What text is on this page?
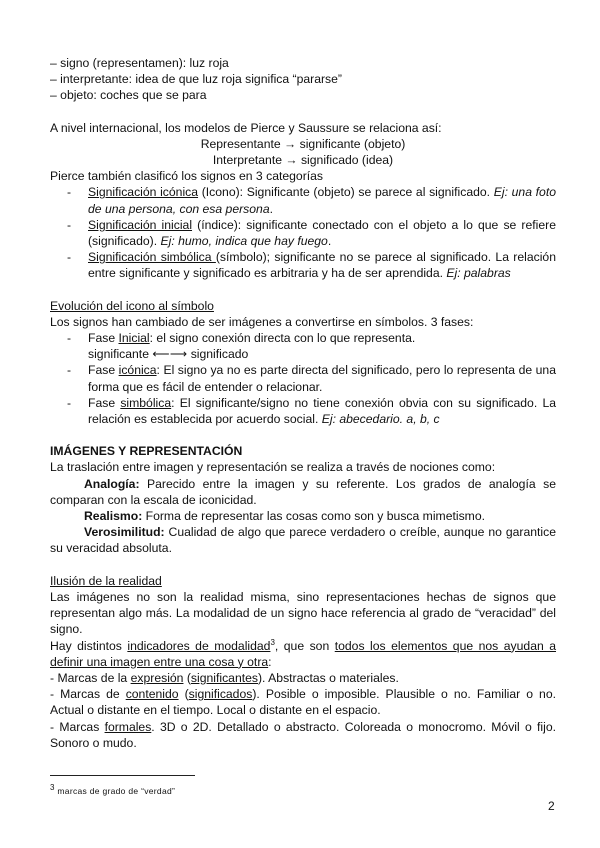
– signo (representamen): luz roja

– interpretante: idea de que luz roja significa “pararse”

– objeto: coches que se para

A nivel internacional, los modelos de Pierce y Saussure se relaciona así:

Representante → significante (objeto)

Interpretante → significado (idea)

Pierce también clasificó los signos en 3 categorías

- Significación icónica (Icono): Significante (objeto) se parece al significado. Ej: una foto de una persona, con esa persona.
- Significación inicial (índice): significante conectado con el objeto a lo que se refiere (significado). Ej: humo, indica que hay fuego.
- Significación simbólica (símbolo); significante no se parece al significado. La relación entre significante y significado es arbitraria y ha de ser aprendida. Ej: palabras

Evolución del icono al símbolo

Los signos han cambiado de ser imágenes a convertirse en símbolos. 3 fases:

- Fase Inicial: el signo conexión directa con lo que representa.
significante ⟵⟶ significado
- Fase icónica: El signo ya no es parte directa del significado, pero lo representa de una forma que es fácil de entender o relacionar.
- Fase simbólica: El significante/signo no tiene conexión obvia con su significado. La relación es establecida por acuerdo social. Ej: abecedario. a, b, c

IMÁGENES Y REPRESENTACIÓN

La traslación entre imagen y representación se realiza a través de nociones como:

Analogía: Parecido entre la imagen y su referente. Los grados de analogía se comparan con la escala de iconicidad.

Realismo: Forma de representar las cosas como son y busca mimetismo.

Verosimilitud: Cualidad de algo que parece verdadero o creíble, aunque no garantice su veracidad absoluta.

Ilusión de la realidad

Las imágenes no son la realidad misma, sino representaciones hechas de signos que representan algo más. La modalidad de un signo hace referencia al grado de “veracidad” del signo.

Hay distintos indicadores de modalidad$^3$, que son todos los elementos que nos ayudan a definir una imagen entre una cosa y otra:

- Marcas de la expresión (significantes). Abstractas o materiales.

- Marcas de contenido (significados). Posible o imposible. Plausible o no. Familiar o no. Actual o distante en el tiempo. Local o distante en el espacio.

- Marcas formales. 3D o 2D. Detallado o abstracto. Coloreada o monocromo. Móvil o fijo. Sonoro o mudo.

$^3$ marcas de grado de “verdad”
2
